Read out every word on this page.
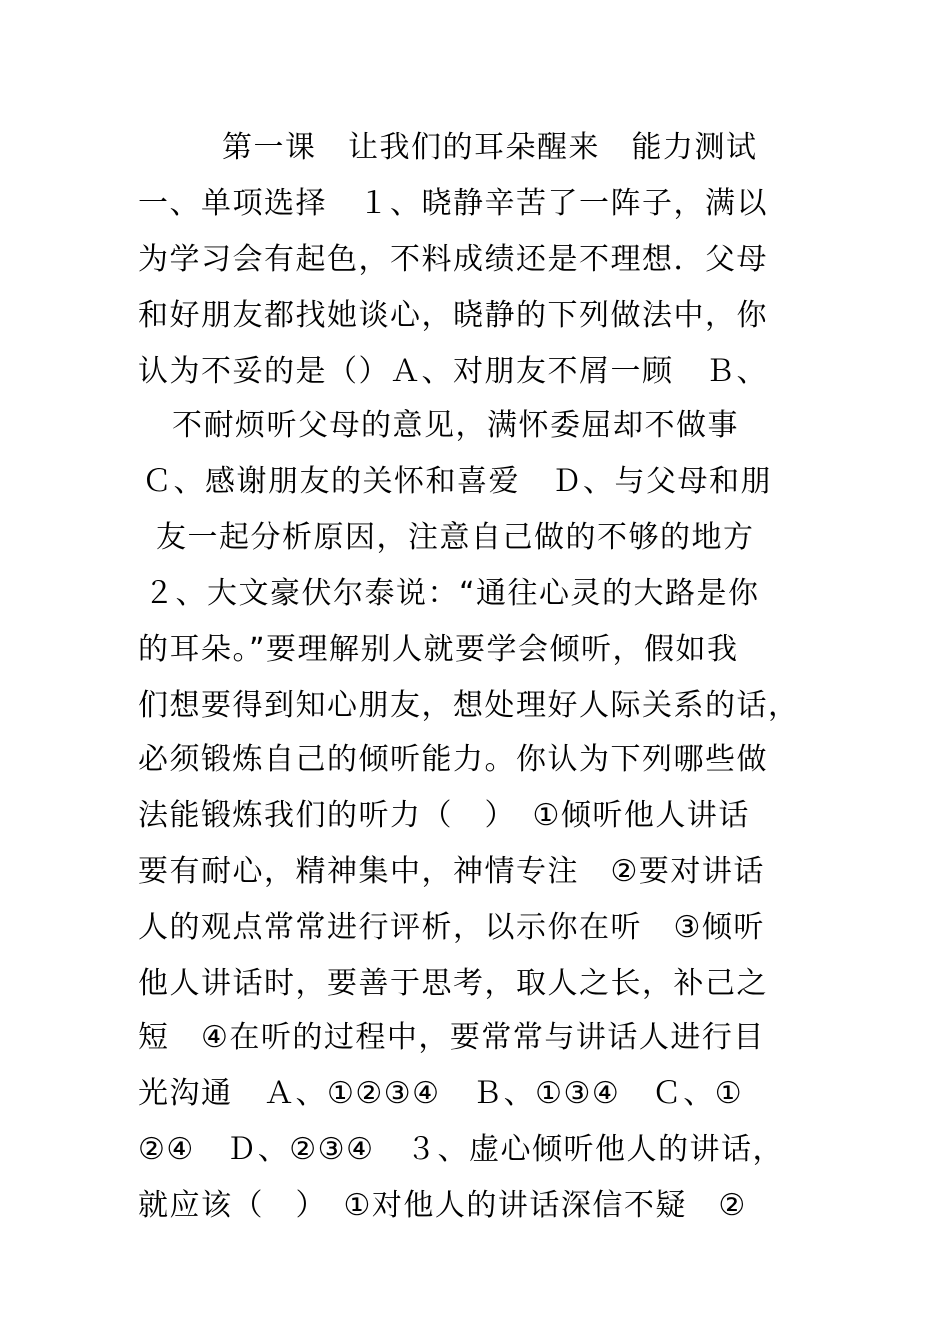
第一课　让我们的耳朵醒来　能力测试
一、单项选择　１、晓静辛苦了一阵子，满以
为学习会有起色，不料成绩还是不理想．父母
和好朋友都找她谈心，晓静的下列做法中，你
认为不妥的是（）Ａ、对朋友不屑一顾　Ｂ、
不耐烦听父母的意见，满怀委屈却不做事
Ｃ、感谢朋友的关怀和喜爱　Ｄ、与父母和朋
友一起分析原因，注意自己做的不够的地方
２、大文豪伏尔泰说：“通往心灵的大路是你
的耳朵。”要理解别人就要学会倾听，假如我
们想要得到知心朋友，想处理好人际关系的话，
必须锻炼自己的倾听能力。你认为下列哪些做
法能锻炼我们的听力（　）　①倾听他人讲话
要有耐心，精神集中，神情专注　②要对讲话
人的观点常常进行评析，以示你在听　③倾听
他人讲话时，要善于思考，取人之长，补己之
短　④在听的过程中，要常常与讲话人进行目
光沟通　Ａ、①②③④　Ｂ、①③④　Ｃ、①
②④　Ｄ、②③④　３、虚心倾听他人的讲话，
就应该（　）　①对他人的讲话深信不疑　②
